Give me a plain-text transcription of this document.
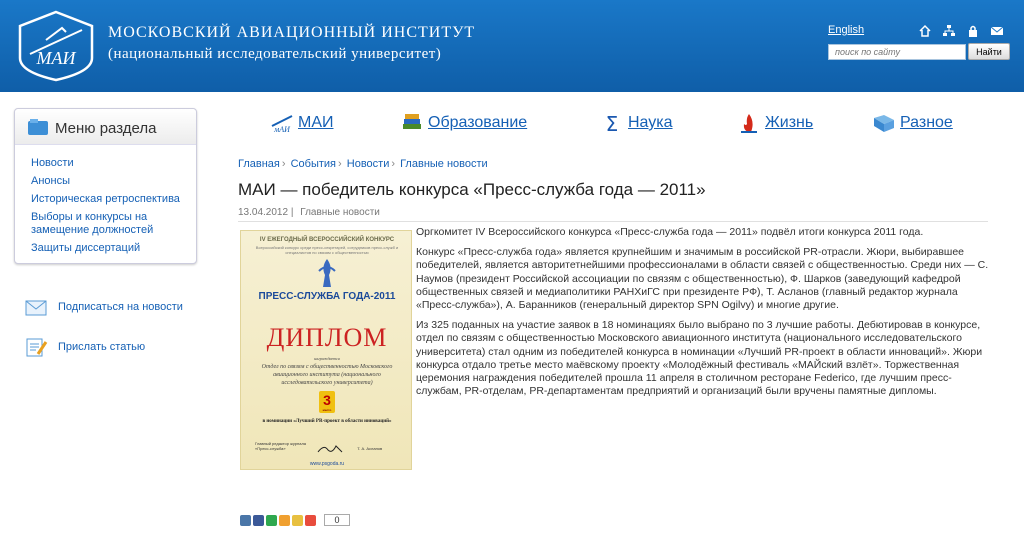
МАИ
МОСКОВСКИЙ АВИАЦИОННЫЙ ИНСТИТУТ
(национальный исследовательский университет)
English
поиск по сайту
Найти
Меню раздела
Новости
Анонсы
Историческая ретроспектива
Выборы и конкурсы на замещение должностей
Защиты диссертаций
Подписаться на новости
Прислать статью
мАИ МАИ	Образование	Σ Наука	Жизнь	Разное
Главная › События › Новости › Главные новости
МАИ — победитель конкурса «Пресс-служба года — 2011»
13.04.2012 | Главные новости
IV ЕЖЕГОДНЫЙ ВСЕРОССИЙСКИЙ КОНКУРС
Всероссийский конкурс среди пресс-секретарей, сотрудников пресс-служб и специалистов по связям с общественностью
ПРЕСС-СЛУЖБА ГОДА-2011
ДИПЛОМ
награждается
Отдел по связям с общественностью Московского авиационного института (национального исследовательского университета)
3
место
в номинации «Лучший PR-проект в области инноваций»
Главный редактор журнала «Пресс-служба»	Т. А. Асланов
www.psgoda.ru

Оргкомитет IV Всероссийского конкурса «Пресс-служба года — 2011» подвёл итоги конкурса 2011 года.

Конкурс «Пресс-служба года» является крупнейшим и значимым в российской PR-отрасли. Жюри, выбиравшее победителей, является авторитетнейшими профессионалами в области связей с общественностью. Среди них — С. Наумов (президент Российской ассоциации по связям с общественностью), Ф. Шарков (заведующий кафедрой общественных связей и медиаполитики РАНХиГС при президенте РФ), Т. Асланов (главный редактор журнала «Пресс-служба»), А. Баранников (генеральный директор SPN Ogilvy) и многие другие.

Из 325 поданных на участие заявок в 18 номинациях было выбрано по 3 лучшие работы. Дебютировав в конкурсе, отдел по связям с общественностью Московского авиационного института (национального исследовательского университета) стал одним из победителей конкурса в номинации «Лучший PR-проект в области инноваций». Жюри конкурса отдало третье место маёвскому проекту «Молодёжный фестиваль «МАЙский взлёт». Торжественная церемония награждения победителей прошла 11 апреля в столичном ресторане Federico, где лучшим пресс-службам, PR-отделам, PR-департаментам предприятий и организаций были вручены памятные дипломы.

0
